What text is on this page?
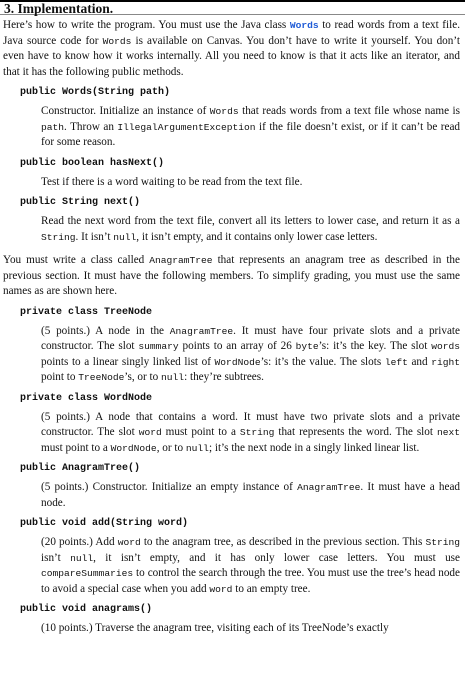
3. Implementation.

Here’s how to write the program. You must use the Java class Words to read words from a text file. Java source code for Words is available on Canvas. You don’t have to write it yourself. You don’t even have to know how it works internally. All you need to know is that it acts like an iterator, and that it has the following public methods.

public Words(String path)

Constructor. Initialize an instance of Words that reads words from a text file whose name is path. Throw an IllegalArgumentException if the file doesn’t exist, or if it can’t be read for some reason.

public boolean hasNext()

Test if there is a word waiting to be read from the text file.

public String next()

Read the next word from the text file, convert all its letters to lower case, and return it as a String. It isn’t null, it isn’t empty, and it contains only lower case letters.

You must write a class called AnagramTree that represents an anagram tree as described in the previous section. It must have the following members. To simplify grading, you must use the same names as are shown here.

private class TreeNode

(5 points.) A node in the AnagramTree. It must have four private slots and a private constructor. The slot summary points to an array of 26 byte’s: it’s the key. The slot words points to a linear singly linked list of WordNode’s: it’s the value. The slots left and right point to TreeNode’s, or to null: they’re subtrees.

private class WordNode

(5 points.) A node that contains a word. It must have two private slots and a private constructor. The slot word must point to a String that represents the word. The slot next must point to a WordNode, or to null; it’s the next node in a singly linked linear list.

public AnagramTree()

(5 points.) Constructor. Initialize an empty instance of AnagramTree. It must have a head node.

public void add(String word)

(20 points.) Add word to the anagram tree, as described in the previous section. This String isn’t null, it isn’t empty, and it has only lower case letters. You must use compareSummaries to control the search through the tree. You must use the tree’s head node to avoid a special case when you add word to an empty tree.

public void anagrams()

(10 points.) Traverse the anagram tree, visiting each of its TreeNode’s exactly
